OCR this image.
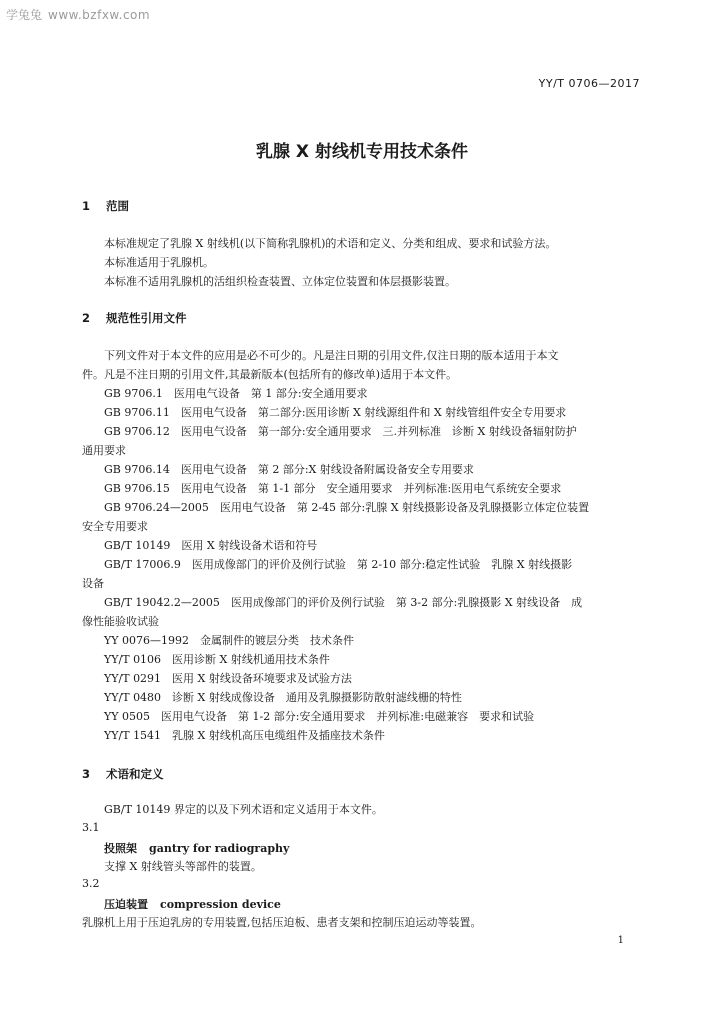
学兔兔 www.bzfxw.com
YY/T 0706—2017
乳腺 X 射线机专用技术条件
1 范围

本标准规定了乳腺 X 射线机(以下简称乳腺机)的术语和定义、分类和组成、要求和试验方法。

本标准适用于乳腺机。

本标准不适用乳腺机的活组织检查装置、立体定位装置和体层摄影装置。

2 规范性引用文件

下列文件对于本文件的应用是必不可少的。凡是注日期的引用文件,仅注日期的版本适用于本文

件。凡是不注日期的引用文件,其最新版本(包括所有的修改单)适用于本文件。

GB 9706.1　医用电气设备　第 1 部分:安全通用要求

GB 9706.11　医用电气设备　第二部分:医用诊断 X 射线源组件和 X 射线管组件安全专用要求

GB 9706.12　医用电气设备　第一部分:安全通用要求　三.并列标准　诊断 X 射线设备辐射防护

通用要求

GB 9706.14　医用电气设备　第 2 部分:X 射线设备附属设备安全专用要求

GB 9706.15　医用电气设备　第 1-1 部分　安全通用要求　并列标准:医用电气系统安全要求

GB 9706.24—2005　医用电气设备　第 2-45 部分:乳腺 X 射线摄影设备及乳腺摄影立体定位装置

安全专用要求

GB/T 10149　医用 X 射线设备术语和符号

GB/T 17006.9　医用成像部门的评价及例行试验　第 2-10 部分:稳定性试验　乳腺 X 射线摄影

设备

GB/T 19042.2—2005　医用成像部门的评价及例行试验　第 3-2 部分:乳腺摄影 X 射线设备　成

像性能验收试验

YY 0076—1992　金属制件的镀层分类　技术条件

YY/T 0106　医用诊断 X 射线机通用技术条件

YY/T 0291　医用 X 射线设备环境要求及试验方法

YY/T 0480　诊断 X 射线成像设备　通用及乳腺摄影防散射滤线栅的特性

YY 0505　医用电气设备　第 1-2 部分:安全通用要求　并列标准:电磁兼容　要求和试验

YY/T 1541　乳腺 X 射线机高压电缆组件及插座技术条件

3 术语和定义

GB/T 10149 界定的以及下列术语和定义适用于本文件。

3.1
投照架 gantry for radiography

支撑 X 射线管头等部件的装置。

3.2
压迫装置 compression device

乳腺机上用于压迫乳房的专用装置,包括压迫板、患者支架和控制压迫运动等装置。

1
